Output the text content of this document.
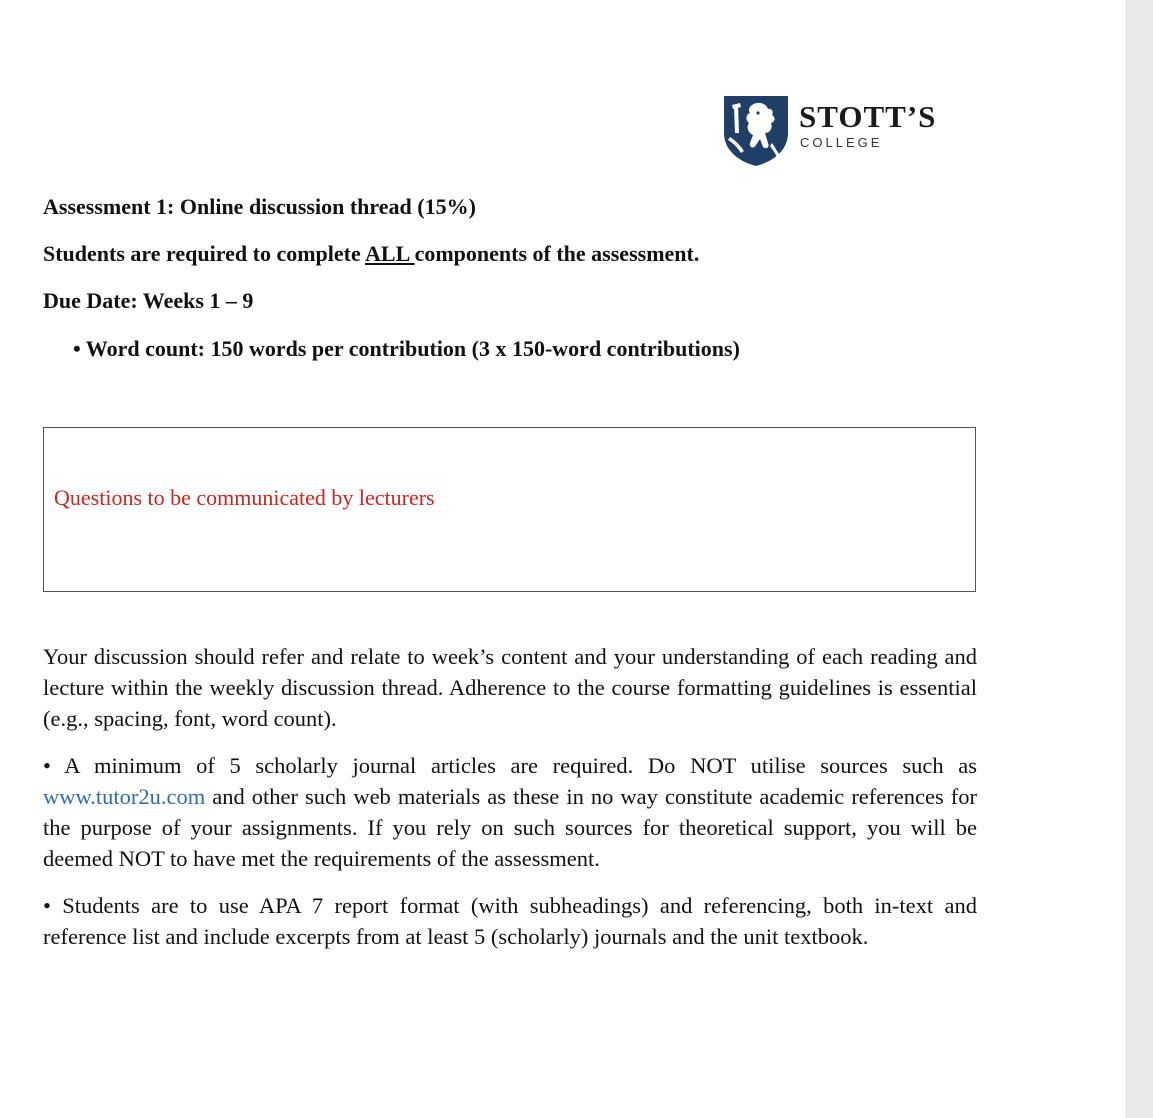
STOTT’S
COLLEGE
Assessment 1: Online discussion thread (15%)
Students are required to complete ALL components of the assessment.
Due Date: Weeks 1 – 9
• Word count: 150 words per contribution (3 x 150-word contributions)
Questions to be communicated by lecturers
Your discussion should refer and relate to week’s content and your understanding of each reading and lecture within the weekly discussion thread. Adherence to the course formatting guidelines is essential (e.g., spacing, font, word count).
• A minimum of 5 scholarly journal articles are required. Do NOT utilise sources such as www.tutor2u.com and other such web materials as these in no way constitute academic references for the purpose of your assignments. If you rely on such sources for theoretical support, you will be deemed NOT to have met the requirements of the assessment.
• Students are to use APA 7 report format (with subheadings) and referencing, both in-text and reference list and include excerpts from at least 5 (scholarly) journals and the unit textbook.
